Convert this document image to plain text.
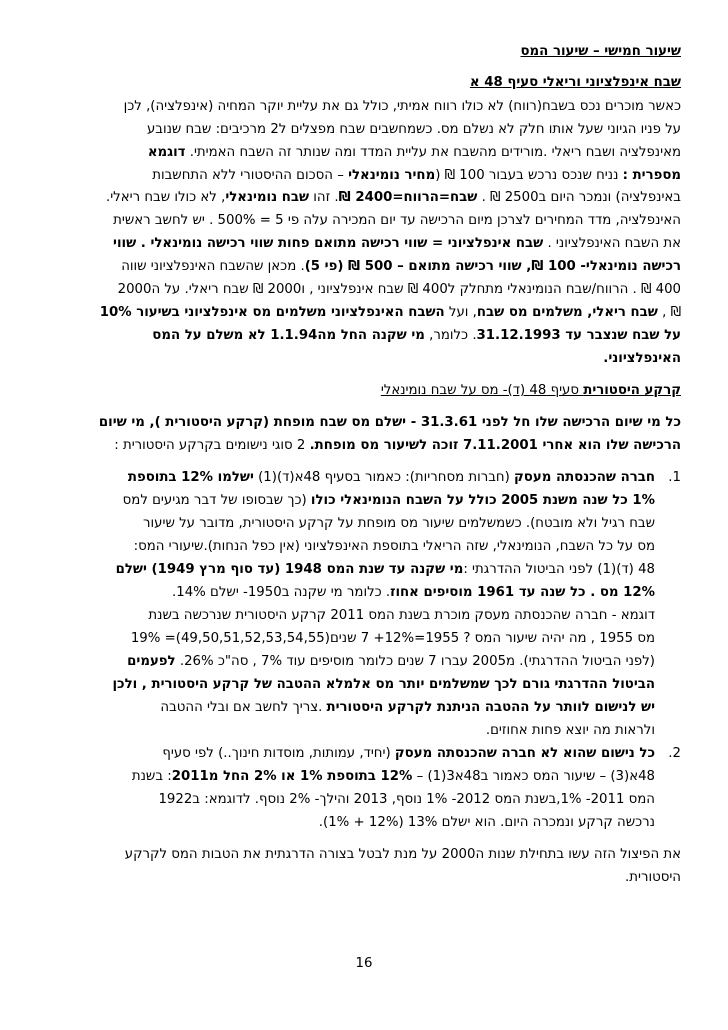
שיעור חמישי – שיעור המס
שבח אינפלציוני וריאלי סעיף 48 א
כאשר מוכרים נכס בשבח(רווח) לא כולו רווח אמיתי, כולל גם את עליית יוקר המחיה (אינפלציה), לכן
על פניו הגיוני שעל אותו חלק לא נשלם מס. כשמחשבים שבח מפצלים ל2 מרכיבים: שבח שנובע
מאינפלציה ושבח ריאלי .מורידים מהשבח את עליית המדד ומה שנותר זה השבח האמיתי. דוגמא
מספרית : נניח שנכס נרכש בעבור 100 ₪ (מחיר נומינאלי – הסכום ההיסטורי ללא התחשבות
באינפלציה) ונמכר היום ב2500 ₪ . שבח=הרווח=2400 ₪. זהו שבח נומינאלי, לא כולו שבח ריאלי.
האינפלציה, מדד המחירים לצרכן מיום הרכישה עד יום המכירה עלה פי 5 = 500% . יש לחשב ראשית
את השבח האינפלציוני . שבח אינפלציוני = שווי רכישה מתואם פחות שווי רכישה נומינאלי . שווי
רכישה נומינאלי- 100 ₪, שווי רכישה מתואם – 500 ₪ (פי 5). מכאן שהשבח האינפלציוני שווה
400 ₪ . הרווח/שבח הנומינאלי מתחלק ל400 ₪ שבח אינפלציוני , ו2000 ₪ שבח ריאלי. על ה2000
₪ , שבח ריאלי, משלמים מס שבח, ועל השבח האינפלציוני משלמים מס אינפלציוני בשיעור 10%
על שבח שנצבר עד 31.12.1993. כלומר, מי שקנה החל מה1.1.94 לא משלם על המס
האינפלציוני.
קרקע היסטורית סעיף 48 (ד)- מס על שבח נומינאלי
כל מי שיום הרכישה שלו חל לפני 31.3.61 - ישלם מס שבח מופחת (קרקע היסטורית ), מי שיום
הרכישה שלו הוא אחרי 7.11.2001 זוכה לשיעור מס מופחת. 2 סוגי נישומים בקרקע היסטורית :
1.
חברה שהכנסתה מעסק (חברות מסחריות): כאמור בסעיף 48א(ד)(1) ישלמו 12% בתוספת
1% כל שנה משנת 2005 כולל על השבח הנומינאלי כולו (כך שבסופו של דבר מגיעים למס
שבח רגיל ולא מובטח). כשמשלמים שיעור מס מופחת על קרקע היסטורית, מדובר על שיעור
מס על כל השבח, הנומינאלי, שזה הריאלי בתוספת האינפלציוני (אין כפל הנחות).שיעורי המס:
48 (ד)(1) לפני הביטול ההדרגתי :מי שקנה עד שנת המס 1948 (עד סוף מרץ 1949) ישלם
12% מס . כל שנה עד 1961 מוסיפים אחוז. כלומר מי שקנה ב1950- ישלם 14%.
דוגמא - חברה שהכנסתה מעסק מוכרת בשנת המס 2011 קרקע היסטורית שנרכשה בשנת
מס 1955 , מה יהיה שיעור המס ? 1955=12%+ 7 שנים(49,50,51,52,53,54,55)= 19%
(לפני הביטול ההדרגתי). מ2005 עברו 7 שנים כלומר מוסיפים עוד 7% , סה"כ 26%. לפעמים
הביטול ההדרגתי גורם לכך שמשלמים יותר מס אלמלא ההטבה של קרקע היסטורית , ולכן
יש לנישום לוותר על ההטבה הניתנת לקרקע היסטורית .צריך לחשב אם ובלי ההטבה
ולראות מה יוצא פחות אחוזים.
2.
כל נישום שהוא לא חברה שהכנסתה מעסק (יחיד, עמותות, מוסדות חינוך..) לפי סעיף
48א(3) – שיעור המס כאמור ב48א3(1) – 12% בתוספת 1% או 2% החל מ2011: בשנת
המס 2011- 1%,בשנת המס 2012- 1% נוסף, 2013 והילך- 2% נוסף. לדוגמא: ב1922
נרכשה קרקע ונמכרה היום. הוא ישלם 13% (12% + 1%).
את הפיצול הזה עשו בתחילת שנות ה2000 על מנת לבטל בצורה הדרגתית את הטבות המס לקרקע
היסטורית.
16
